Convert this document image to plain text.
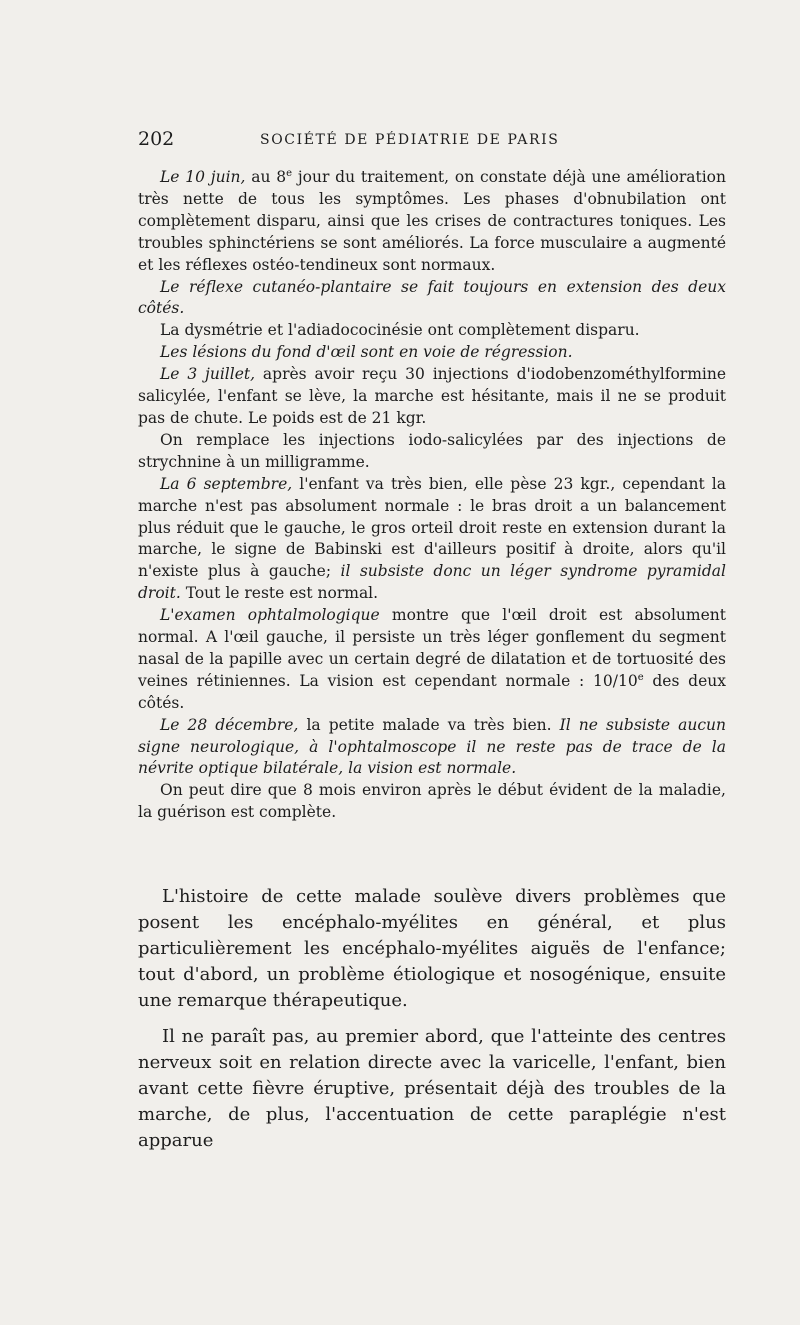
202	SOCIÉTÉ DE PÉDIATRIE DE PARIS

Le 10 juin, au 8e jour du traitement, on constate déjà une amélioration très nette de tous les symptômes. Les phases d'obnubilation ont complètement disparu, ainsi que les crises de contractures toniques. Les troubles sphinctériens se sont améliorés. La force musculaire a augmenté et les réflexes ostéo-tendineux sont normaux.

Le réflexe cutanéo-plantaire se fait toujours en extension des deux côtés.

La dysmétrie et l'adiadococinésie ont complètement disparu.

Les lésions du fond d'œil sont en voie de régression.

Le 3 juillet, après avoir reçu 30 injections d'iodobenzométhylformine salicylée, l'enfant se lève, la marche est hésitante, mais il ne se produit pas de chute. Le poids est de 21 kgr.

On remplace les injections iodo-salicylées par des injections de strychnine à un milligramme.

La 6 septembre, l'enfant va très bien, elle pèse 23 kgr., cependant la marche n'est pas absolument normale : le bras droit a un balancement plus réduit que le gauche, le gros orteil droit reste en extension durant la marche, le signe de Babinski est d'ailleurs positif à droite, alors qu'il n'existe plus à gauche; il subsiste donc un léger syndrome pyramidal droit. Tout le reste est normal.

L'examen ophtalmologique montre que l'œil droit est absolument normal. A l'œil gauche, il persiste un très léger gonflement du segment nasal de la papille avec un certain degré de dilatation et de tortuosité des veines rétiniennes. La vision est cependant normale : 10/10e des deux côtés.

Le 28 décembre, la petite malade va très bien. Il ne subsiste aucun signe neurologique, à l'ophtalmoscope il ne reste pas de trace de la névrite optique bilatérale, la vision est normale.

On peut dire que 8 mois environ après le début évident de la maladie, la guérison est complète.

L'histoire de cette malade soulève divers problèmes que posent les encéphalo-myélites en général, et plus particulièrement les encéphalo-myélites aiguës de l'enfance; tout d'abord, un problème étiologique et nosogénique, ensuite une remarque thérapeutique.

Il ne paraît pas, au premier abord, que l'atteinte des centres nerveux soit en relation directe avec la varicelle, l'enfant, bien avant cette fièvre éruptive, présentait déjà des troubles de la marche, de plus, l'accentuation de cette paraplégie n'est apparue
